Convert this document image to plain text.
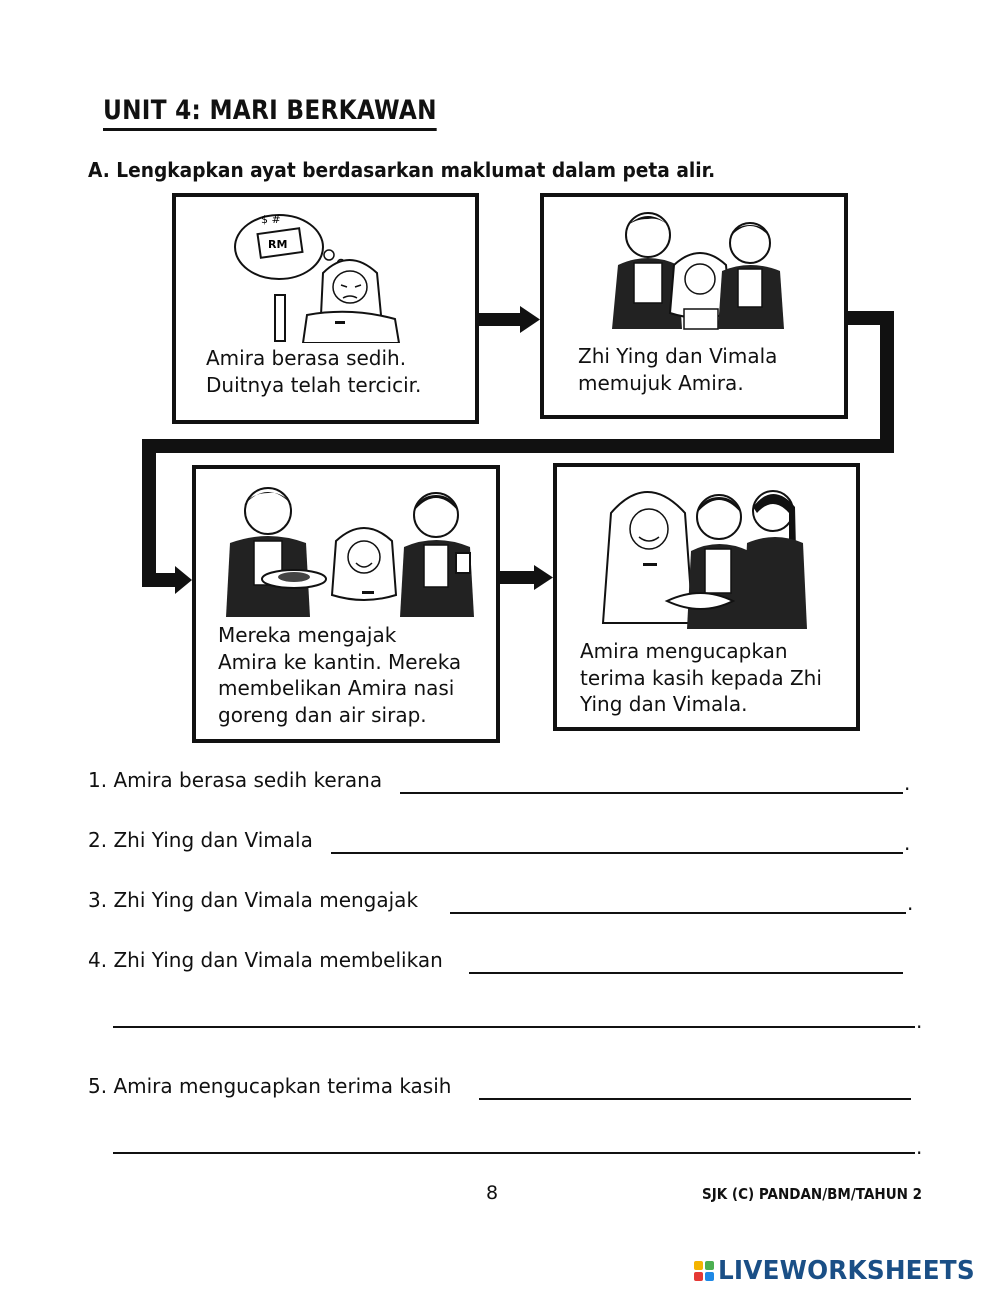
UNIT 4: MARI BERKAWAN
A. Lengkapkan ayat berdasarkan maklumat dalam peta alir.
RM
$ #
Amira berasa sedih.
Duitnya telah tercicir.
Zhi Ying dan Vimala
memujuk Amira.
Mereka mengajak
Amira ke kantin. Mereka
membelikan Amira nasi
goreng dan air sirap.
Amira mengucapkan
terima kasih kepada Zhi
Ying dan Vimala.
1. Amira berasa sedih kerana	.
2. Zhi Ying dan Vimala	.
3. Zhi Ying dan Vimala mengajak	.
4. Zhi Ying dan Vimala membelikan
.
5. Amira mengucapkan terima kasih
.
8	SJK (C) PANDAN/BM/TAHUN 2
LIVEWORKSHEETS
